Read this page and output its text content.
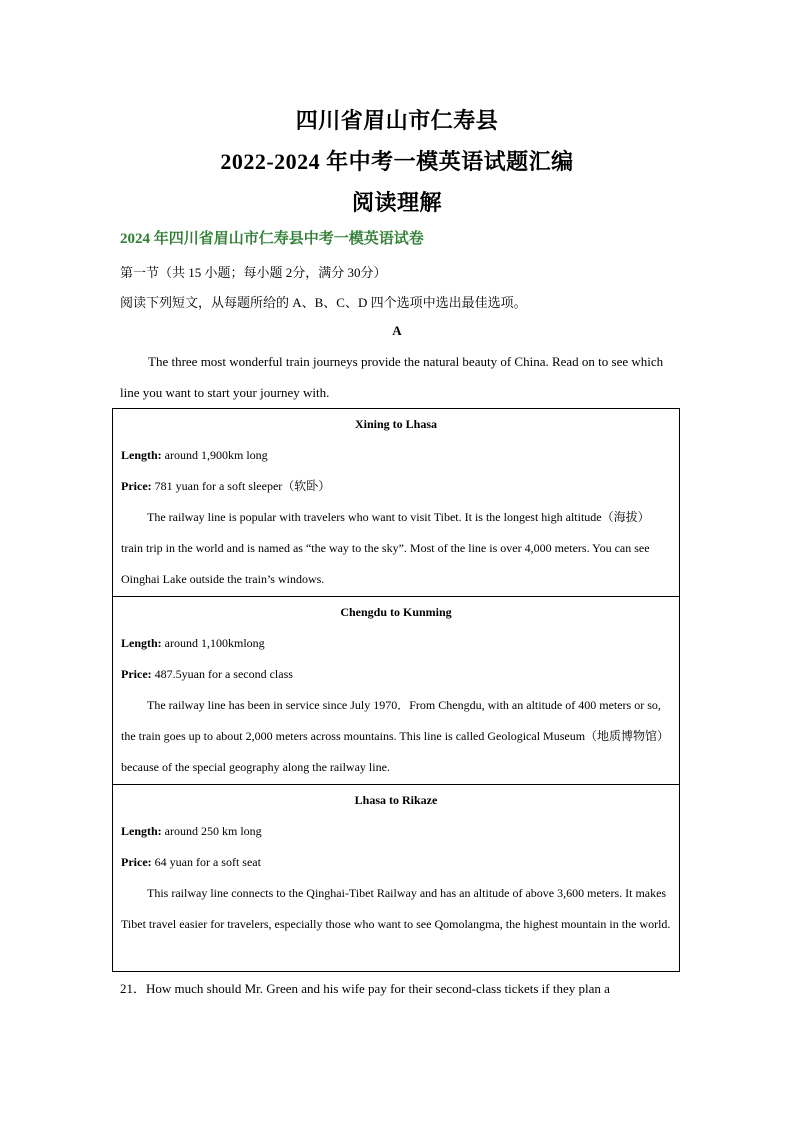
四川省眉山市仁寿县
2022-2024 年中考一模英语试题汇编
阅读理解
2024 年四川省眉山市仁寿县中考一模英语试卷
第一节（共 15 小题；每小题 2分，满分 30分）
阅读下列短文，从每题所给的 A、B、C、D 四个选项中选出最佳选项。
A
The three most wonderful train journeys provide the natural beauty of China. Read on to see which line you want to start your journey with.
Xining to Lhasa
Length: around 1,900km long
Price: 781 yuan for a soft sleeper（软卧）
The railway line is popular with travelers who want to visit Tibet. It is the longest high altitude（海拔）train trip in the world and is named as “the way to the sky”. Most of the line is over 4,000 meters. You can see Oinghai Lake outside the train’s windows.
Chengdu to Kunming
Length: around 1,100kmlong
Price: 487.5yuan for a second class
The railway line has been in service since July 1970．From Chengdu, with an altitude of 400 meters or so, the train goes up to about 2,000 meters across mountains. This line is called Geological Museum（地质博物馆）because of the special geography along the railway line.
Lhasa to Rikaze
Length: around 250 km long
Price: 64 yuan for a soft seat
This railway line connects to the Qinghai-Tibet Railway and has an altitude of above 3,600 meters. It makes Tibet travel easier for travelers, especially those who want to see Qomolangma, the highest mountain in the world.
21．How much should Mr. Green and his wife pay for their second-class tickets if they plan a
